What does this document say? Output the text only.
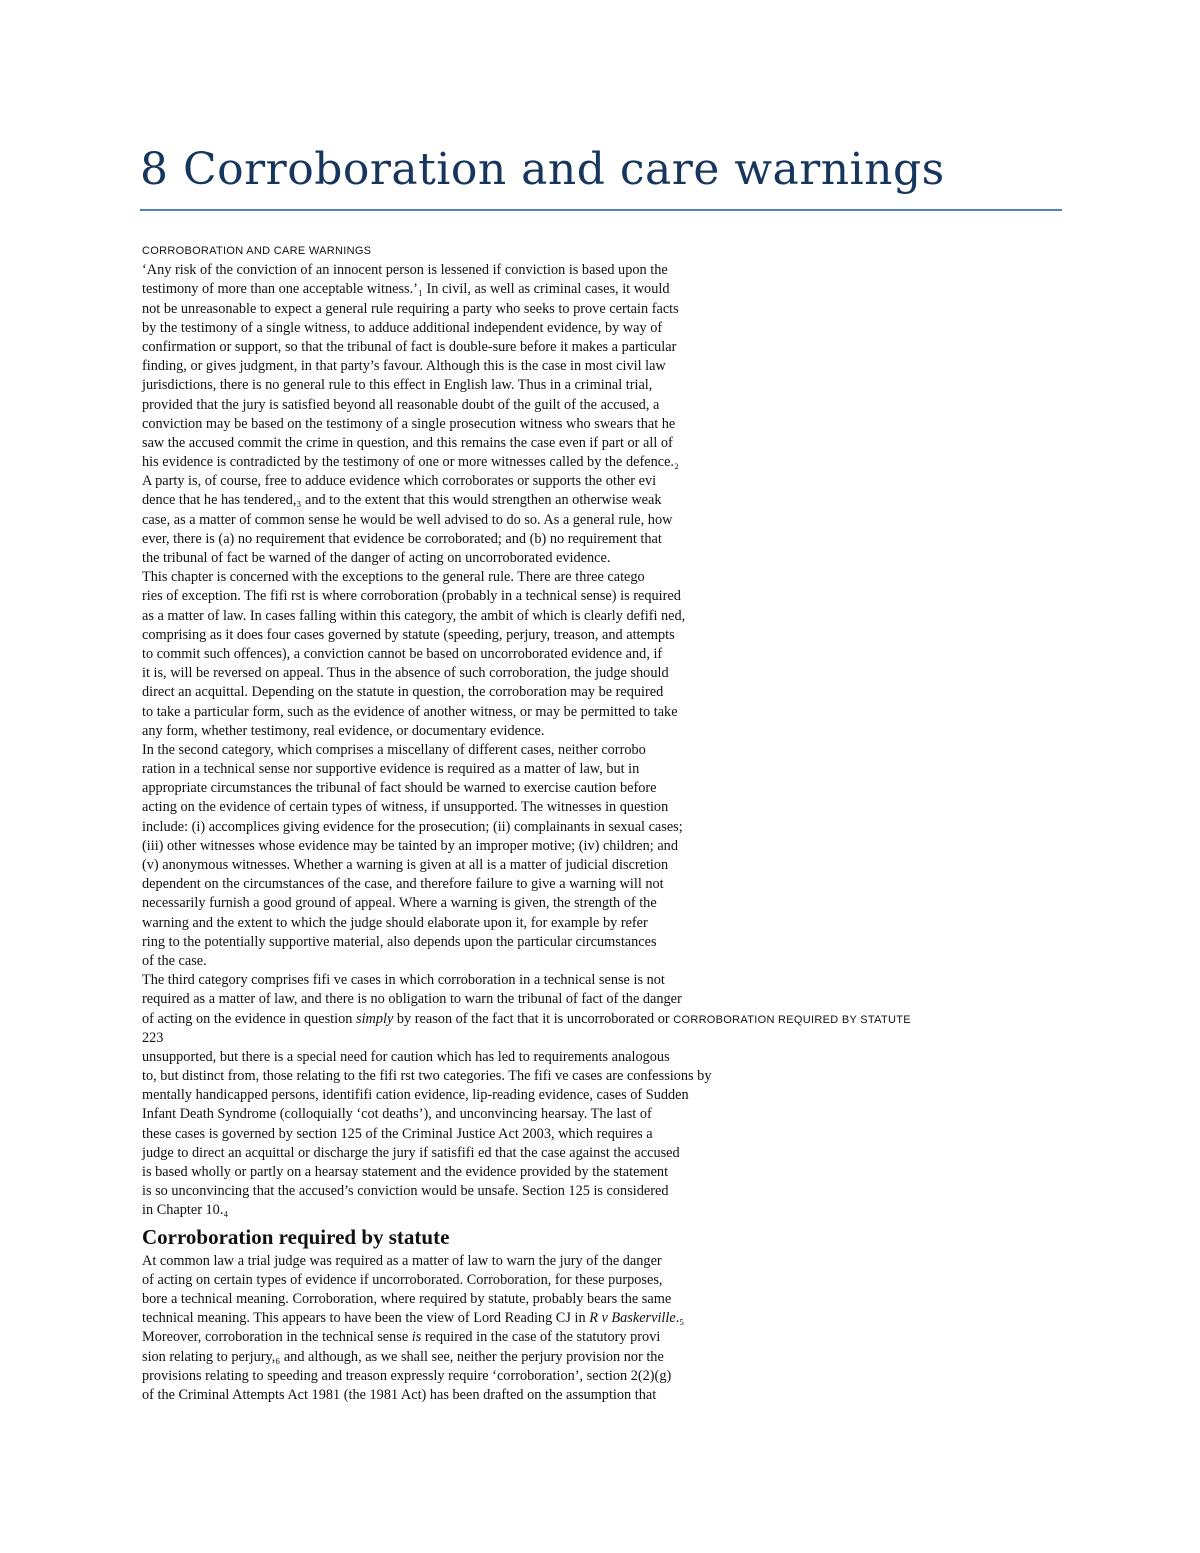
8 Corroboration and care warnings
CORROBORATION AND CARE WARNINGS
‘Any risk of the conviction of an innocent person is lessened if conviction is based upon the
testimony of more than one acceptable witness.’₁ In civil, as well as criminal cases, it would
not be unreasonable to expect a general rule requiring a party who seeks to prove certain facts
by the testimony of a single witness, to adduce additional independent evidence, by way of
confirmation or support, so that the tribunal of fact is double-sure before it makes a particular
finding, or gives judgment, in that party’s favour. Although this is the case in most civil law
jurisdictions, there is no general rule to this effect in English law. Thus in a criminal trial,
provided that the jury is satisfied beyond all reasonable doubt of the guilt of the accused, a
conviction may be based on the testimony of a single prosecution witness who swears that he
saw the accused commit the crime in question, and this remains the case even if part or all of
his evidence is contradicted by the testimony of one or more witnesses called by the defence.₂
A party is, of course, free to adduce evidence which corroborates or supports the other evi
dence that he has tendered,₃ and to the extent that this would strengthen an otherwise weak
case, as a matter of common sense he would be well advised to do so. As a general rule, how
ever, there is (a) no requirement that evidence be corroborated; and (b) no requirement that
the tribunal of fact be warned of the danger of acting on uncorroborated evidence.
This chapter is concerned with the exceptions to the general rule. There are three catego
ries of exception. The fifi rst is where corroboration (probably in a technical sense) is required
as a matter of law. In cases falling within this category, the ambit of which is clearly defifi ned,
comprising as it does four cases governed by statute (speeding, perjury, treason, and attempts
to commit such offences), a conviction cannot be based on uncorroborated evidence and, if
it is, will be reversed on appeal. Thus in the absence of such corroboration, the judge should
direct an acquittal. Depending on the statute in question, the corroboration may be required
to take a particular form, such as the evidence of another witness, or may be permitted to take
any form, whether testimony, real evidence, or documentary evidence.
In the second category, which comprises a miscellany of different cases, neither corrobo
ration in a technical sense nor supportive evidence is required as a matter of law, but in
appropriate circumstances the tribunal of fact should be warned to exercise caution before
acting on the evidence of certain types of witness, if unsupported. The witnesses in question
include: (i) accomplices giving evidence for the prosecution; (ii) complainants in sexual cases;
(iii) other witnesses whose evidence may be tainted by an improper motive; (iv) children; and
(v) anonymous witnesses. Whether a warning is given at all is a matter of judicial discretion
dependent on the circumstances of the case, and therefore failure to give a warning will not
necessarily furnish a good ground of appeal. Where a warning is given, the strength of the
warning and the extent to which the judge should elaborate upon it, for example by refer
ring to the potentially supportive material, also depends upon the particular circumstances
of the case.
The third category comprises fifi ve cases in which corroboration in a technical sense is not
required as a matter of law, and there is no obligation to warn the tribunal of fact of the danger
of acting on the evidence in question simply by reason of the fact that it is uncorroborated or CORROBORATION REQUIRED BY STATUTE
223
unsupported, but there is a special need for caution which has led to requirements analogous
to, but distinct from, those relating to the fifi rst two categories. The fifi ve cases are confessions by
mentally handicapped persons, identififi cation evidence, lip-reading evidence, cases of Sudden
Infant Death Syndrome (colloquially ‘cot deaths’), and unconvincing hearsay. The last of
these cases is governed by section 125 of the Criminal Justice Act 2003, which requires a
judge to direct an acquittal or discharge the jury if satisfifi ed that the case against the accused
is based wholly or partly on a hearsay statement and the evidence provided by the statement
is so unconvincing that the accused’s conviction would be unsafe. Section 125 is considered
in Chapter 10.₄
Corroboration required by statute
At common law a trial judge was required as a matter of law to warn the jury of the danger
of acting on certain types of evidence if uncorroborated. Corroboration, for these purposes,
bore a technical meaning. Corroboration, where required by statute, probably bears the same
technical meaning. This appears to have been the view of Lord Reading CJ in R v Baskerville.₅
Moreover, corroboration in the technical sense is required in the case of the statutory provi
sion relating to perjury,₆ and although, as we shall see, neither the perjury provision nor the
provisions relating to speeding and treason expressly require ‘corroboration’, section 2(2)(g)
of the Criminal Attempts Act 1981 (the 1981 Act) has been drafted on the assumption that
